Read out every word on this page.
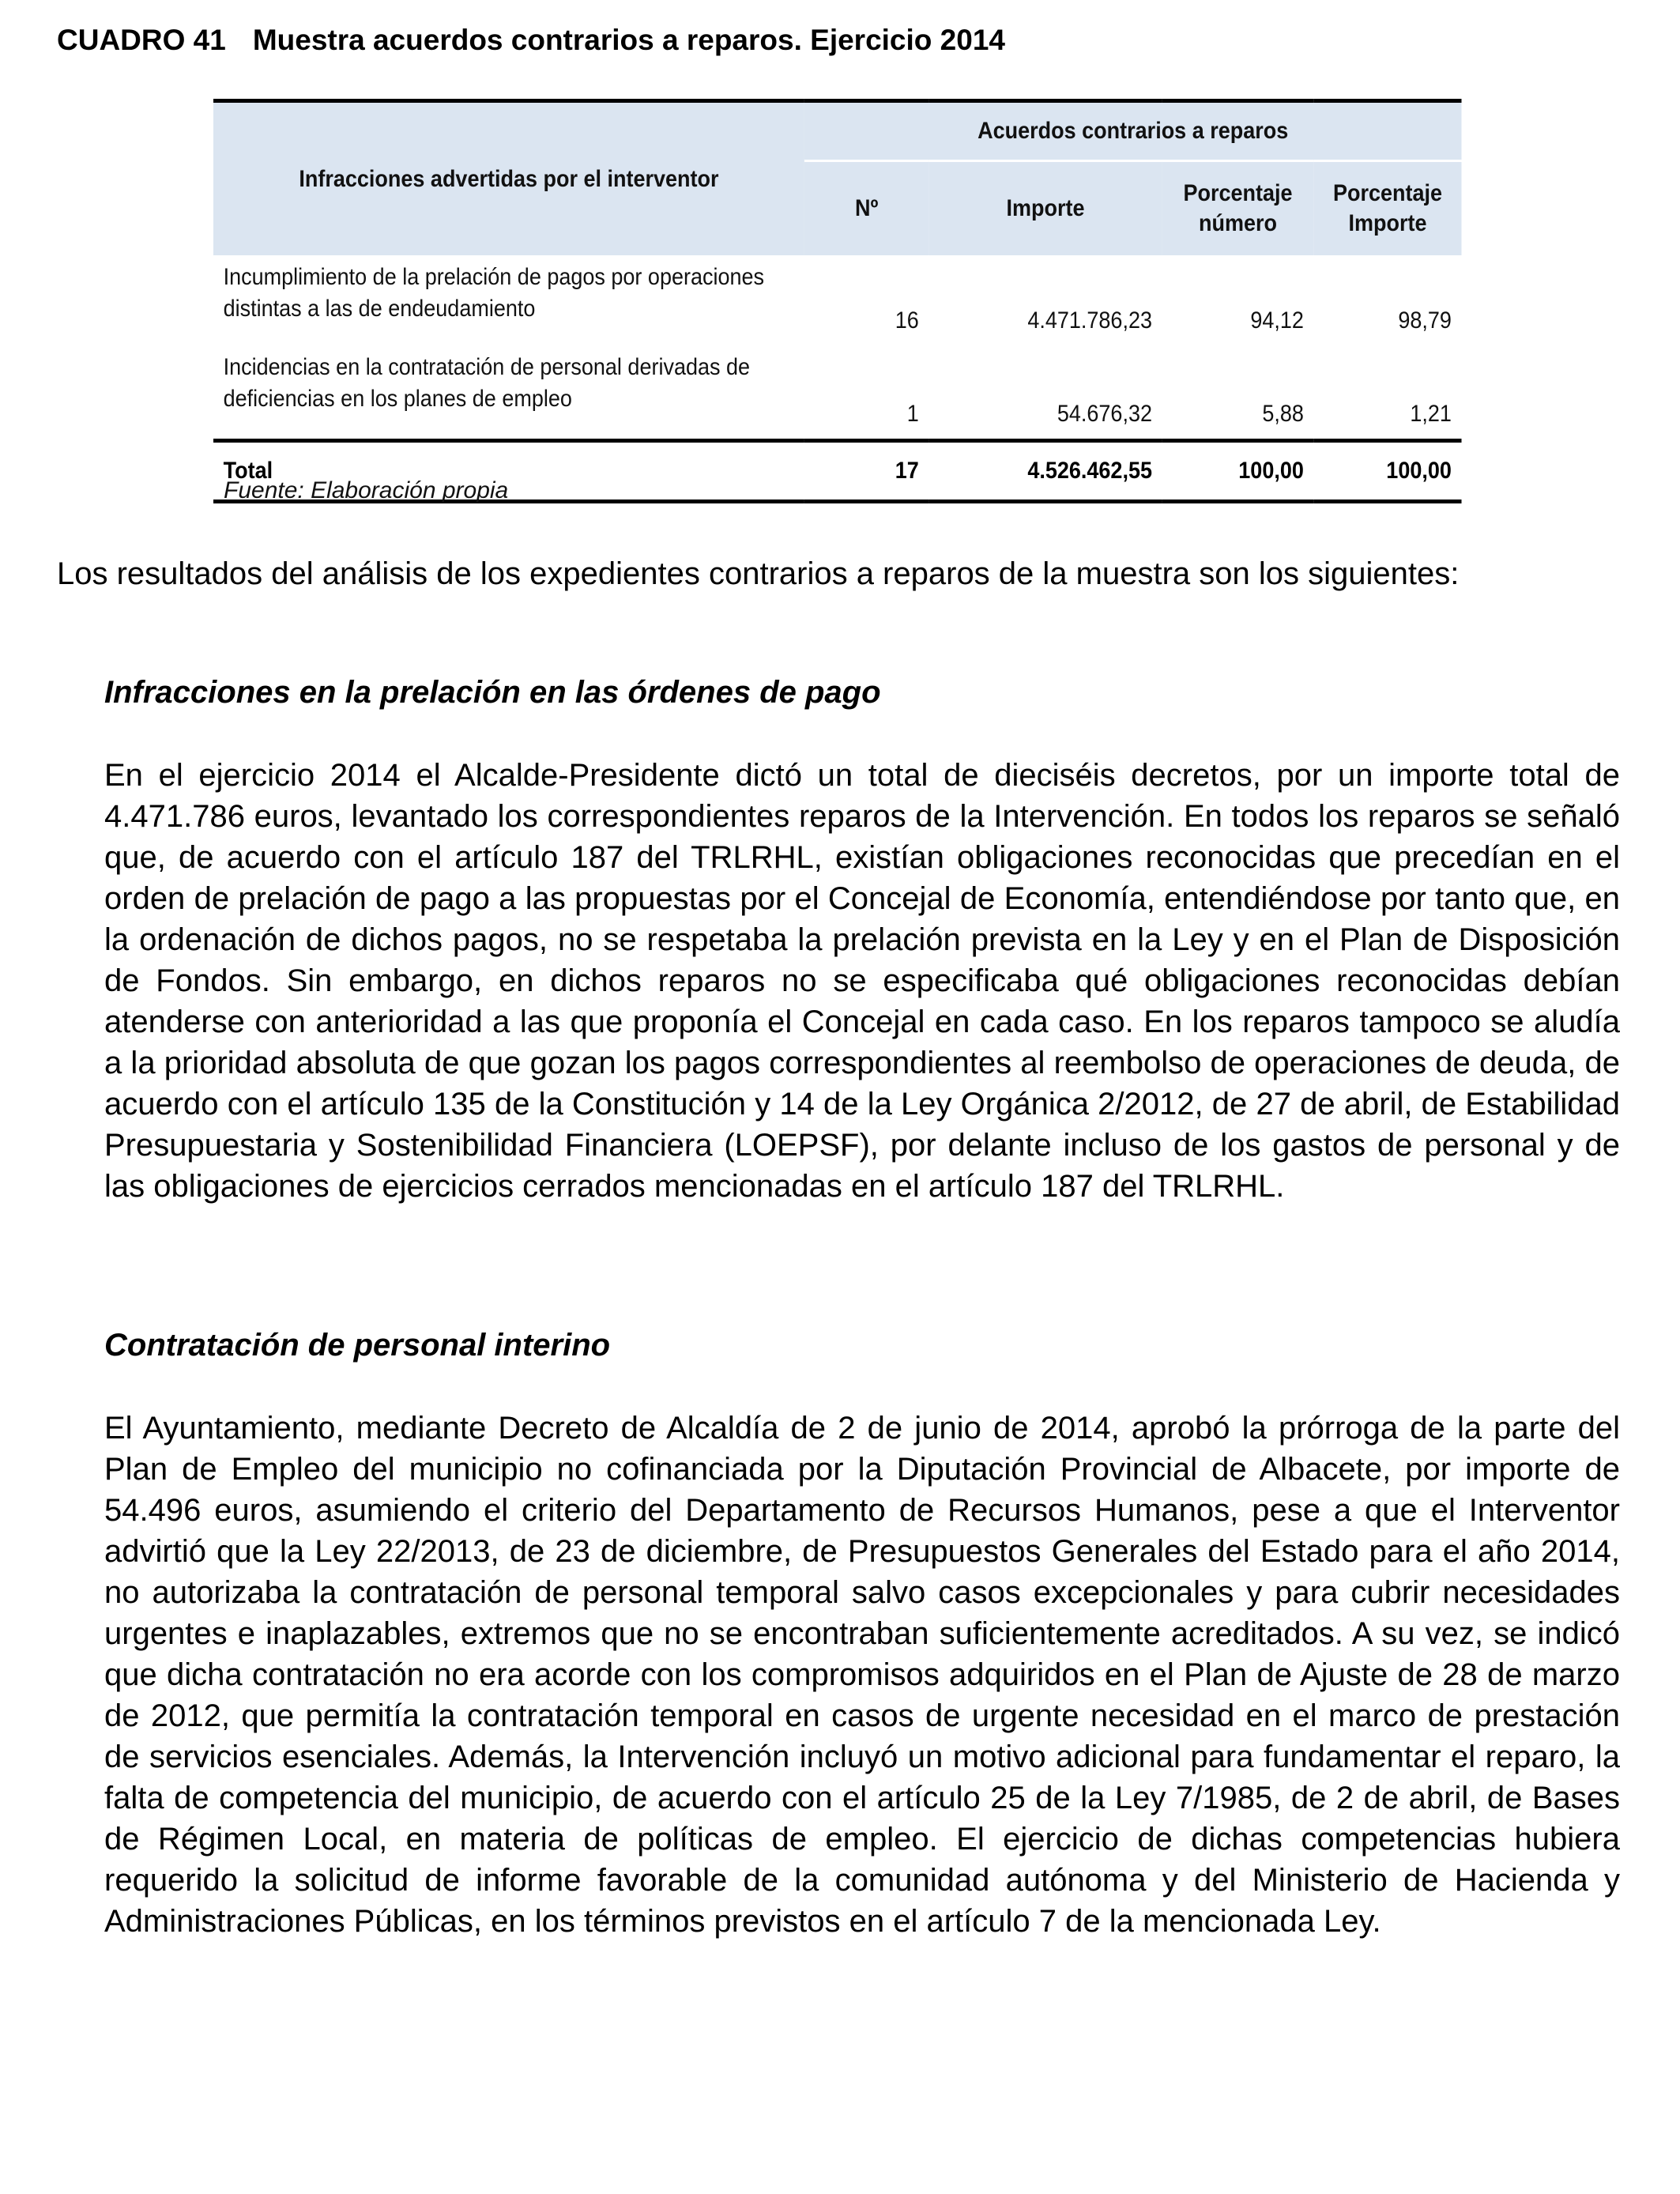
CUADRO 41 Muestra acuerdos contrarios a reparos. Ejercicio 2014
Infracciones advertidas por el interventor	Acuerdos contrarios a reparos			
	Nº	Importe	Porcentaje número	Porcentaje Importe
Incumplimiento de la prelación de pagos por operaciones distintas a las de endeudamiento	16	4.471.786,23	94,12	98,79
Incidencias en la contratación de personal derivadas de deficiencias en los planes de empleo	1	54.676,32	5,88	1,21
Total	17	4.526.462,55	100,00	100,00
Fuente: Elaboración propia

Los resultados del análisis de los expedientes contrarios a reparos de la muestra son los siguientes:

Infracciones en la prelación en las órdenes de pago

En el ejercicio 2014 el Alcalde-Presidente dictó un total de dieciséis decretos, por un importe total de 4.471.786 euros, levantado los correspondientes reparos de la Intervención. En todos los reparos se señaló que, de acuerdo con el artículo 187 del TRLRHL, existían obligaciones reconocidas que precedían en el orden de prelación de pago a las propuestas por el Concejal de Economía, entendiéndose por tanto que, en la ordenación de dichos pagos, no se respetaba la prelación prevista en la Ley y en el Plan de Disposición de Fondos. Sin embargo, en dichos reparos no se especificaba qué obligaciones reconocidas debían atenderse con anterioridad a las que proponía el Concejal en cada caso. En los reparos tampoco se aludía a la prioridad absoluta de que gozan los pagos correspondientes al reembolso de operaciones de deuda, de acuerdo con el artículo 135 de la Constitución y 14 de la Ley Orgánica 2/2012, de 27 de abril, de Estabilidad Presupuestaria y Sostenibilidad Financiera (LOEPSF), por delante incluso de los gastos de personal y de las obligaciones de ejercicios cerrados mencionadas en el artículo 187 del TRLRHL.

Contratación de personal interino

El Ayuntamiento, mediante Decreto de Alcaldía de 2 de junio de 2014, aprobó la prórroga de la parte del Plan de Empleo del municipio no cofinanciada por la Diputación Provincial de Albacete, por importe de 54.496 euros, asumiendo el criterio del Departamento de Recursos Humanos, pese a que el Interventor advirtió que la Ley 22/2013, de 23 de diciembre, de Presupuestos Generales del Estado para el año 2014, no autorizaba la contratación de personal temporal salvo casos excepcionales y para cubrir necesidades urgentes e inaplazables, extremos que no se encontraban suficientemente acreditados. A su vez, se indicó que dicha contratación no era acorde con los compromisos adquiridos en el Plan de Ajuste de 28 de marzo de 2012, que permitía la contratación temporal en casos de urgente necesidad en el marco de prestación de servicios esenciales. Además, la Intervención incluyó un motivo adicional para fundamentar el reparo, la falta de competencia del municipio, de acuerdo con el artículo 25 de la Ley 7/1985, de 2 de abril, de Bases de Régimen Local, en materia de políticas de empleo. El ejercicio de dichas competencias hubiera requerido la solicitud de informe favorable de la comunidad autónoma y del Ministerio de Hacienda y Administraciones Públicas, en los términos previstos en el artículo 7 de la mencionada Ley.
